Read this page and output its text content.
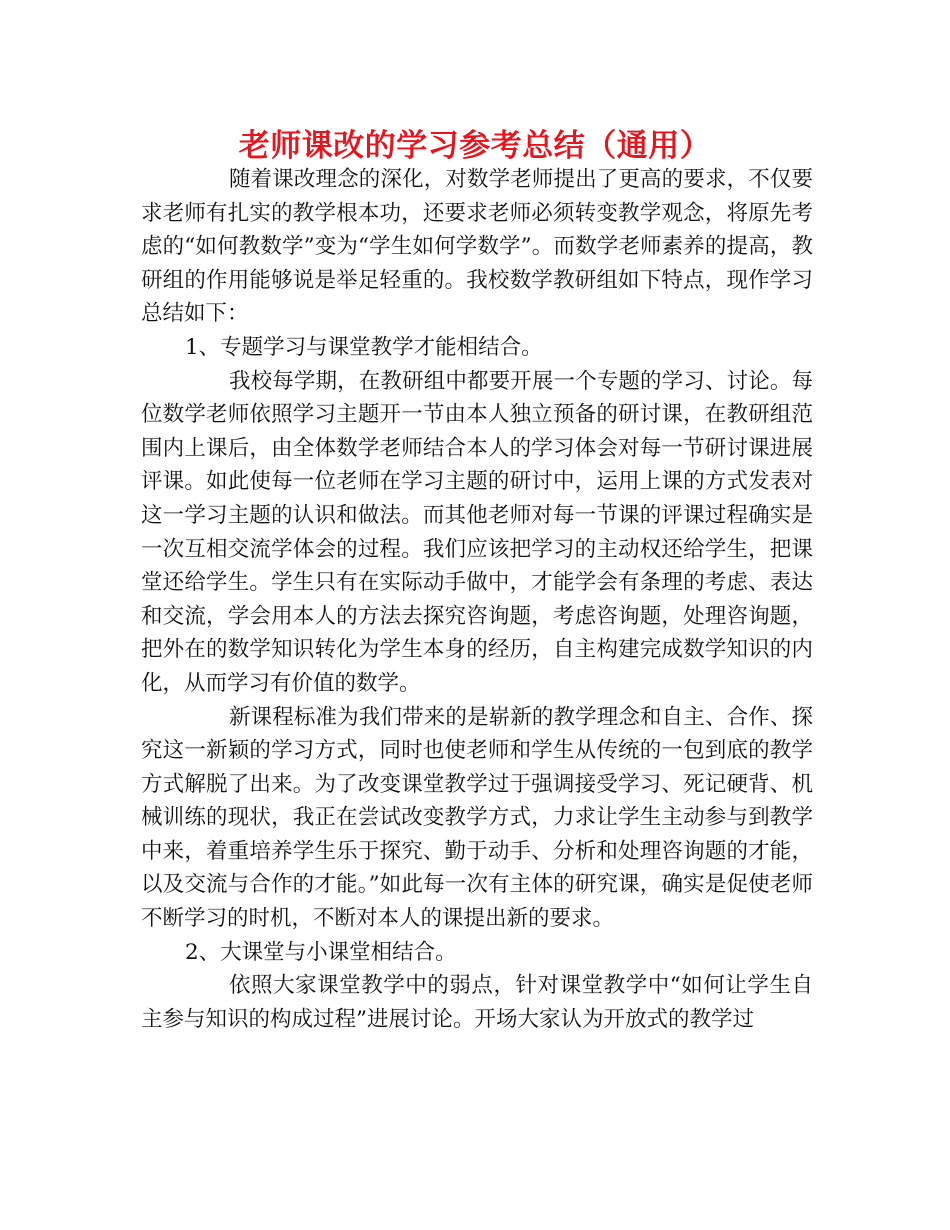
老师课改的学习参考总结（通用）

随着课改理念的深化，对数学老师提出了更高的要求，不仅要求老师有扎实的教学根本功，还要求老师必须转变教学观念，将原先考虑的“如何教数学”变为“学生如何学数学”。而数学老师素养的提高，教研组的作用能够说是举足轻重的。我校数学教研组如下特点，现作学习总结如下：

1、专题学习与课堂教学才能相结合。

我校每学期，在教研组中都要开展一个专题的学习、讨论。每位数学老师依照学习主题开一节由本人独立预备的研讨课，在教研组范围内上课后，由全体数学老师结合本人的学习体会对每一节研讨课进展评课。如此使每一位老师在学习主题的研讨中，运用上课的方式发表对这一学习主题的认识和做法。而其他老师对每一节课的评课过程确实是一次互相交流学体会的过程。我们应该把学习的主动权还给学生，把课堂还给学生。学生只有在实际动手做中，才能学会有条理的考虑、表达和交流，学会用本人的方法去探究咨询题，考虑咨询题，处理咨询题，把外在的数学知识转化为学生本身的经历，自主构建完成数学知识的内化，从而学习有价值的数学。

新课程标准为我们带来的是崭新的教学理念和自主、合作、探究这一新颖的学习方式，同时也使老师和学生从传统的一包到底的教学方式解脱了出来。为了改变课堂教学过于强调接受学习、死记硬背、机械训练的现状，我正在尝试改变教学方式，力求让学生主动参与到教学中来，着重培养学生乐于探究、勤于动手、分析和处理咨询题的才能，以及交流与合作的才能。”如此每一次有主体的研究课，确实是促使老师不断学习的时机，不断对本人的课提出新的要求。

2、大课堂与小课堂相结合。

依照大家课堂教学中的弱点，针对课堂教学中“如何让学生自主参与知识的构成过程”进展讨论。开场大家认为开放式的教学过
